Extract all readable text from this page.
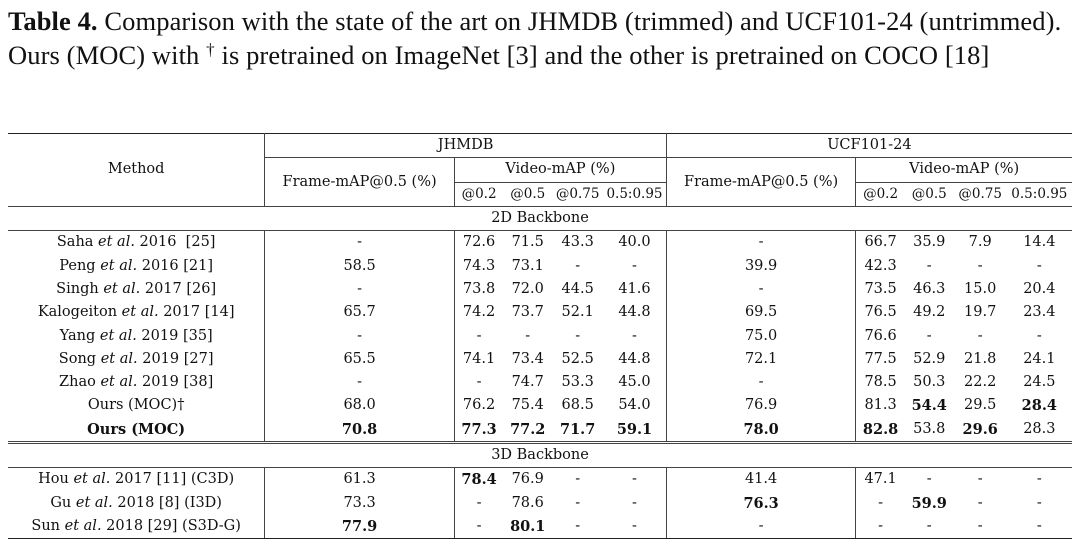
Table 4. Comparison with the state of the art on JHMDB (trimmed) and UCF101-24 (untrimmed). Ours (MOC) with † is pretrained on ImageNet [3] and the other is pretrained on COCO [18]
Method	JHMDB					UCF101-24				
	Frame-mAP@0.5 (%)	Video-mAP (%)				Frame-mAP@0.5 (%)	Video-mAP (%)			
		@0.2	@0.5	@0.75	0.5:0.95		@0.2	@0.5	@0.75	0.5:0.95
2D Backbone										
Saha et al. 2016  [25]	-	72.6	71.5	43.3	40.0	-	66.7	35.9	7.9	14.4
Peng et al. 2016 [21]	58.5	74.3	73.1	-	-	39.9	42.3	-	-	-
Singh et al. 2017 [26]	-	73.8	72.0	44.5	41.6	-	73.5	46.3	15.0	20.4
Kalogeiton et al. 2017 [14]	65.7	74.2	73.7	52.1	44.8	69.5	76.5	49.2	19.7	23.4
Yang et al. 2019 [35]	-	-	-	-	-	75.0	76.6	-	-	-
Song et al. 2019 [27]	65.5	74.1	73.4	52.5	44.8	72.1	77.5	52.9	21.8	24.1
Zhao et al. 2019 [38]	-	-	74.7	53.3	45.0	-	78.5	50.3	22.2	24.5
Ours (MOC)†	68.0	76.2	75.4	68.5	54.0	76.9	81.3	54.4	29.5	28.4
Ours (MOC)	70.8	77.3	77.2	71.7	59.1	78.0	82.8	53.8	29.6	28.3
3D Backbone										
Hou et al. 2017 [11] (C3D)	61.3	78.4	76.9	-	-	41.4	47.1	-	-	-
Gu et al. 2018 [8] (I3D)	73.3	-	78.6	-	-	76.3	-	59.9	-	-
Sun et al. 2018 [29] (S3D-G)	77.9	-	80.1	-	-	-	-	-	-	-
